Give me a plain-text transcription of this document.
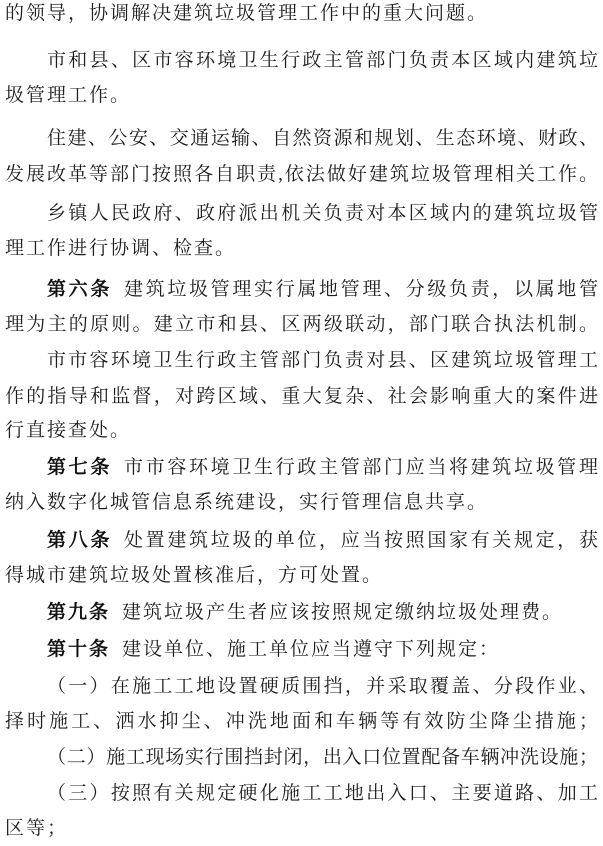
的领导，协调解决建筑垃圾管理工作中的重大问题。

市和县、区市容环境卫生行政主管部门负责本区域内建筑垃

圾管理工作。

住建、公安、交通运输、自然资源和规划、生态环境、财政、

发展改革等部门按照各自职责,依法做好建筑垃圾管理相关工作。

乡镇人民政府、政府派出机关负责对本区域内的建筑垃圾管

理工作进行协调、检查。

第六条 建筑垃圾管理实行属地管理、分级负责，以属地管

理为主的原则。建立市和县、区两级联动，部门联合执法机制。

市市容环境卫生行政主管部门负责对县、区建筑垃圾管理工

作的指导和监督，对跨区域、重大复杂、社会影响重大的案件进

行直接查处。

第七条 市市容环境卫生行政主管部门应当将建筑垃圾管理

纳入数字化城管信息系统建设，实行管理信息共享。

第八条 处置建筑垃圾的单位，应当按照国家有关规定，获

得城市建筑垃圾处置核准后，方可处置。

第九条 建筑垃圾产生者应该按照规定缴纳垃圾处理费。

第十条 建设单位、施工单位应当遵守下列规定：

（一）在施工工地设置硬质围挡，并采取覆盖、分段作业、

择时施工、洒水抑尘、冲洗地面和车辆等有效防尘降尘措施；

（二）施工现场实行围挡封闭，出入口位置配备车辆冲洗设施；

（三）按照有关规定硬化施工工地出入口、主要道路、加工

区等；
